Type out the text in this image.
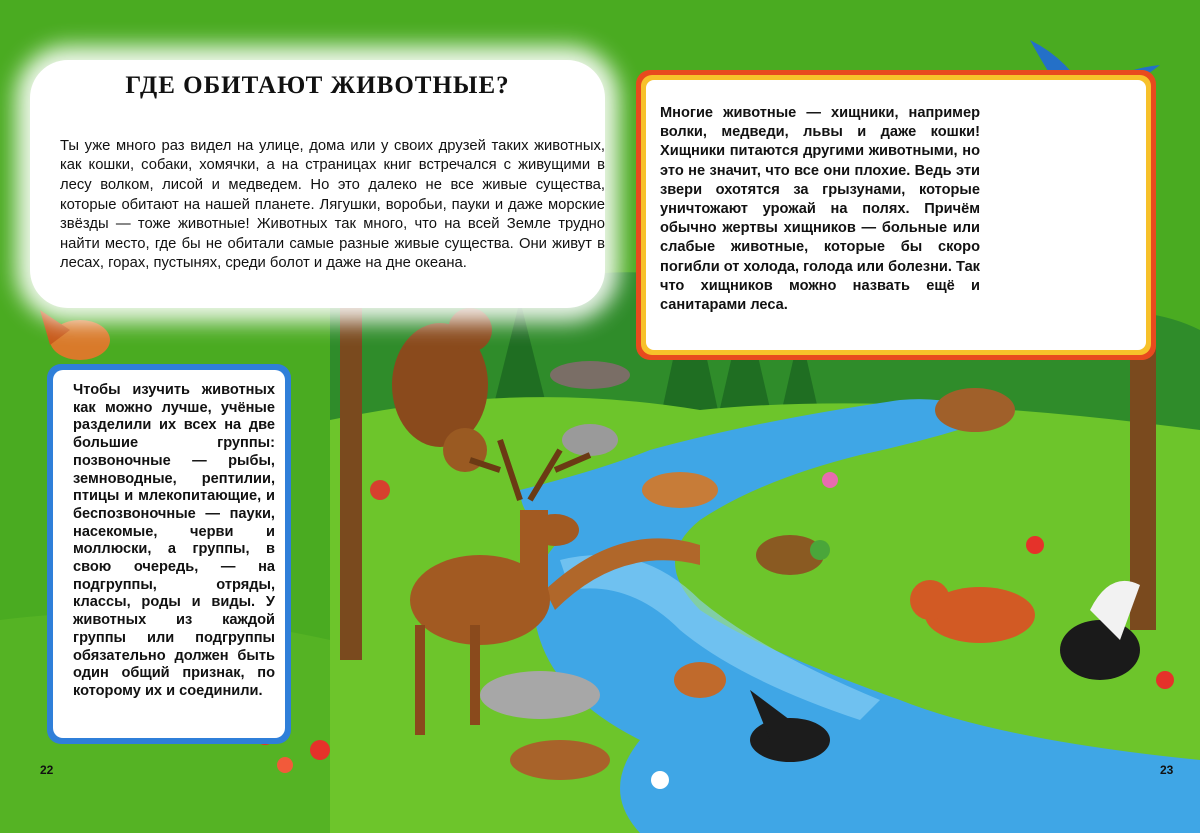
ГДЕ ОБИТАЮТ ЖИВОТНЫЕ?

Ты уже много раз видел на улице, дома или у своих друзей таких животных, как кошки, собаки, хомячки, а на страницах книг встречался с живущими в лесу волком, лисой и медведем. Но это далеко не все живые существа, которые обитают на нашей планете. Лягушки, воробьи, пауки и даже морские звёзды — тоже животные! Животных так много, что на всей Земле трудно найти место, где бы не обитали самые разные живые существа. Они живут в лесах, горах, пустынях, среди болот и даже на дне океана.

Чтобы изучить животных как можно лучше, учёные разделили их всех на две большие группы: позвоночные — рыбы, земноводные, рептилии, птицы и млекопитающие, и беспозвоночные — пауки, насекомые, черви и моллюски, а группы, в свою очередь, — на подгруппы, отряды, классы, роды и виды. У животных из каждой группы или подгруппы обязательно должен быть один общий признак, по которому их и соединили.

Многие животные — хищники, например волки, медведи, львы и даже кошки! Хищники питаются другими животными, но это не значит, что все они плохие. Ведь эти звери охотятся за грызунами, которые уничтожают урожай на полях. Причём обычно жертвы хищников — больные или слабые животные, которые бы скоро погибли от холода, голода или болезни. Так что хищников можно назвать ещё и санитарами леса.

22	23
